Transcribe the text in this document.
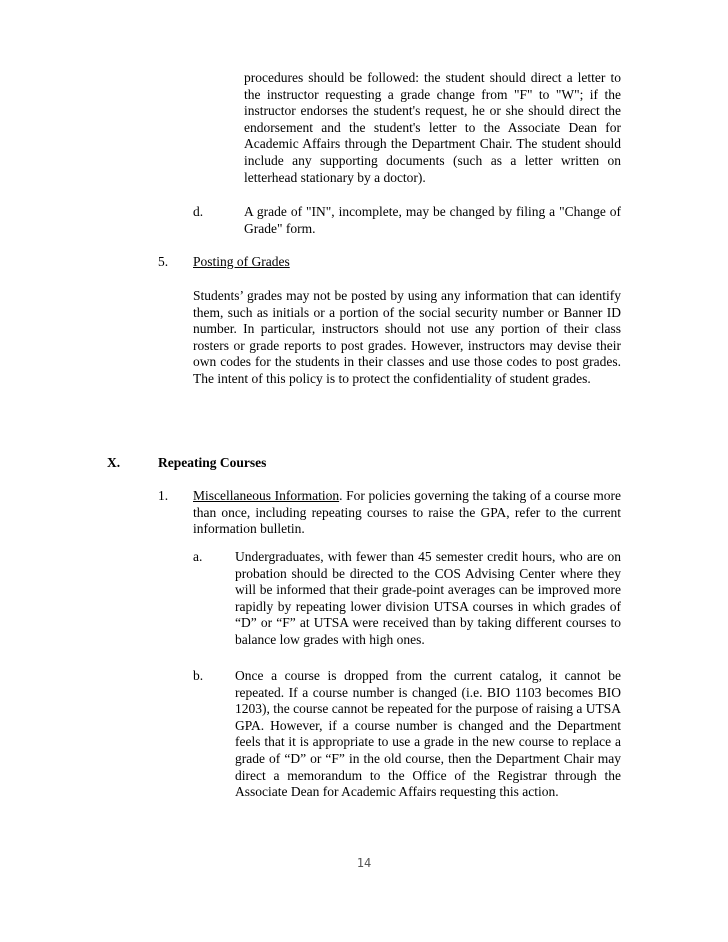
procedures should be followed: the student should direct a letter to the instructor requesting a grade change from "F" to "W"; if the instructor endorses the student's request, he or she should direct the endorsement and the student's letter to the Associate Dean for Academic Affairs through the Department Chair. The student should include any supporting documents (such as a letter written on letterhead stationary by a doctor).
d.	A grade of "IN", incomplete, may be changed by filing a "Change of Grade" form.
5. Posting of Grades
Students’ grades may not be posted by using any information that can identify them, such as initials or a portion of the social security number or Banner ID number. In particular, instructors should not use any portion of their class rosters or grade reports to post grades. However, instructors may devise their own codes for the students in their classes and use those codes to post grades. The intent of this policy is to protect the confidentiality of student grades.
X.	Repeating Courses
1. Miscellaneous Information. For policies governing the taking of a course more than once, including repeating courses to raise the GPA, refer to the current information bulletin.
a. Undergraduates, with fewer than 45 semester credit hours, who are on probation should be directed to the COS Advising Center where they will be informed that their grade-point averages can be improved more rapidly by repeating lower division UTSA courses in which grades of “D” or “F” at UTSA were received than by taking different courses to balance low grades with high ones.
b. Once a course is dropped from the current catalog, it cannot be repeated. If a course number is changed (i.e. BIO 1103 becomes BIO 1203), the course cannot be repeated for the purpose of raising a UTSA GPA. However, if a course number is changed and the Department feels that it is appropriate to use a grade in the new course to replace a grade of “D” or “F” in the old course, then the Department Chair may direct a memorandum to the Office of the Registrar through the Associate Dean for Academic Affairs requesting this action.
14
